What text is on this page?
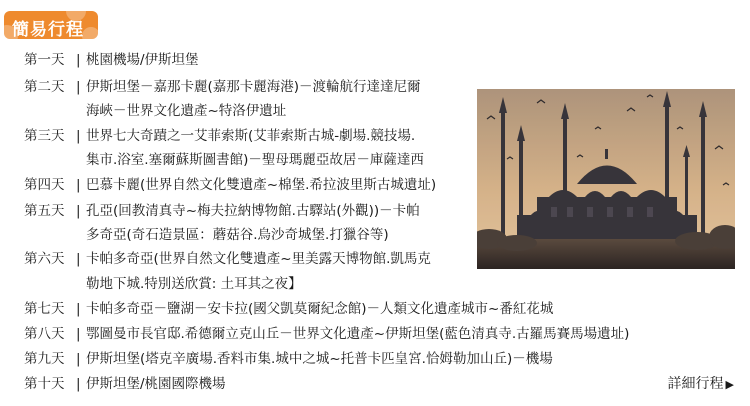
簡易行程
第一天 | 桃園機場/伊斯坦堡
第二天 | 伊斯坦堡－嘉那卡麗(嘉那卡麗海港)－渡輪航行達達尼爾
海峽－世界文化遺產~特洛伊遺址
第三天 | 世界七大奇蹟之一艾菲索斯(艾菲索斯古城-劇場.競技場.
集市.浴室.塞爾蘇斯圖書館)－聖母瑪麗亞故居－庫薩達西
第四天 | 巴慕卡麗(世界自然文化雙遺產~棉堡.希拉波里斯古城遺址)
第五天 | 孔亞(回教清真寺~梅夫拉納博物館.古驛站(外觀))－卡帕
多奇亞(奇石造景區：蘑菇谷.烏沙奇城堡.打獵谷等)
第六天 | 卡帕多奇亞(世界自然文化雙遺產~里美露天博物館.凱馬克
勒地下城.特別送欣賞: 土耳其之夜】
第七天 | 卡帕多奇亞－鹽湖－安卡拉(國父凱莫爾紀念館)－人類文化遺產城市~番紅花城
第八天 | 鄂圖曼市長官邸.希德爾立克山丘－世界文化遺產~伊斯坦堡(藍色清真寺.古羅馬賽馬場遺址)
第九天 | 伊斯坦堡(塔克辛廣場.香料市集.城中之城~托普卡匹皇宮.恰姆勒加山丘)－機場
第十天 | 伊斯坦堡/桃園國際機場	詳細行程 ▶
